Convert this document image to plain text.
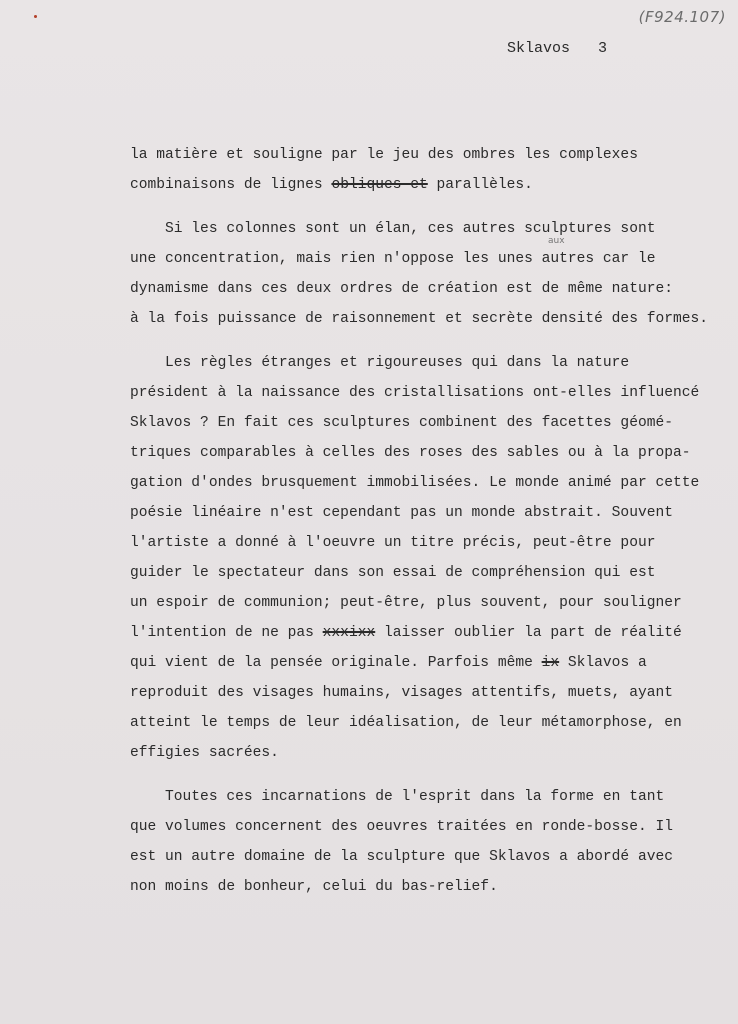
(F924.107)
Sklavos 3
aux
la matière et souligne par le jeu des ombres les complexes
combinaisons de lignes obliques et parallèles.
Si les colonnes sont un élan, ces autres sculptures sont
une concentration, mais rien n'oppose les unes autres car le
dynamisme dans ces deux ordres de création est de même nature:
à la fois puissance de raisonnement et secrète densité des formes.
Les règles étranges et rigoureuses qui dans la nature
président à la naissance des cristallisations ont-elles influencé
Sklavos ? En fait ces sculptures combinent des facettes géomé-
triques comparables à celles des roses des sables ou à la propa-
gation d'ondes brusquement immobilisées. Le monde animé par cette
poésie linéaire n'est cependant pas un monde abstrait. Souvent
l'artiste a donné à l'oeuvre un titre précis, peut-être pour
guider le spectateur dans son essai de compréhension qui est
un espoir de communion; peut-être, plus souvent, pour souligner
l'intention de ne pas xxxixx laisser oublier la part de réalité
qui vient de la pensée originale. Parfois même ix Sklavos a
reproduit des visages humains, visages attentifs, muets, ayant
atteint le temps de leur idéalisation, de leur métamorphose, en
effigies sacrées.
Toutes ces incarnations de l'esprit dans la forme en tant
que volumes concernent des oeuvres traitées en ronde-bosse. Il
est un autre domaine de la sculpture que Sklavos a abordé avec
non moins de bonheur, celui du bas-relief.
